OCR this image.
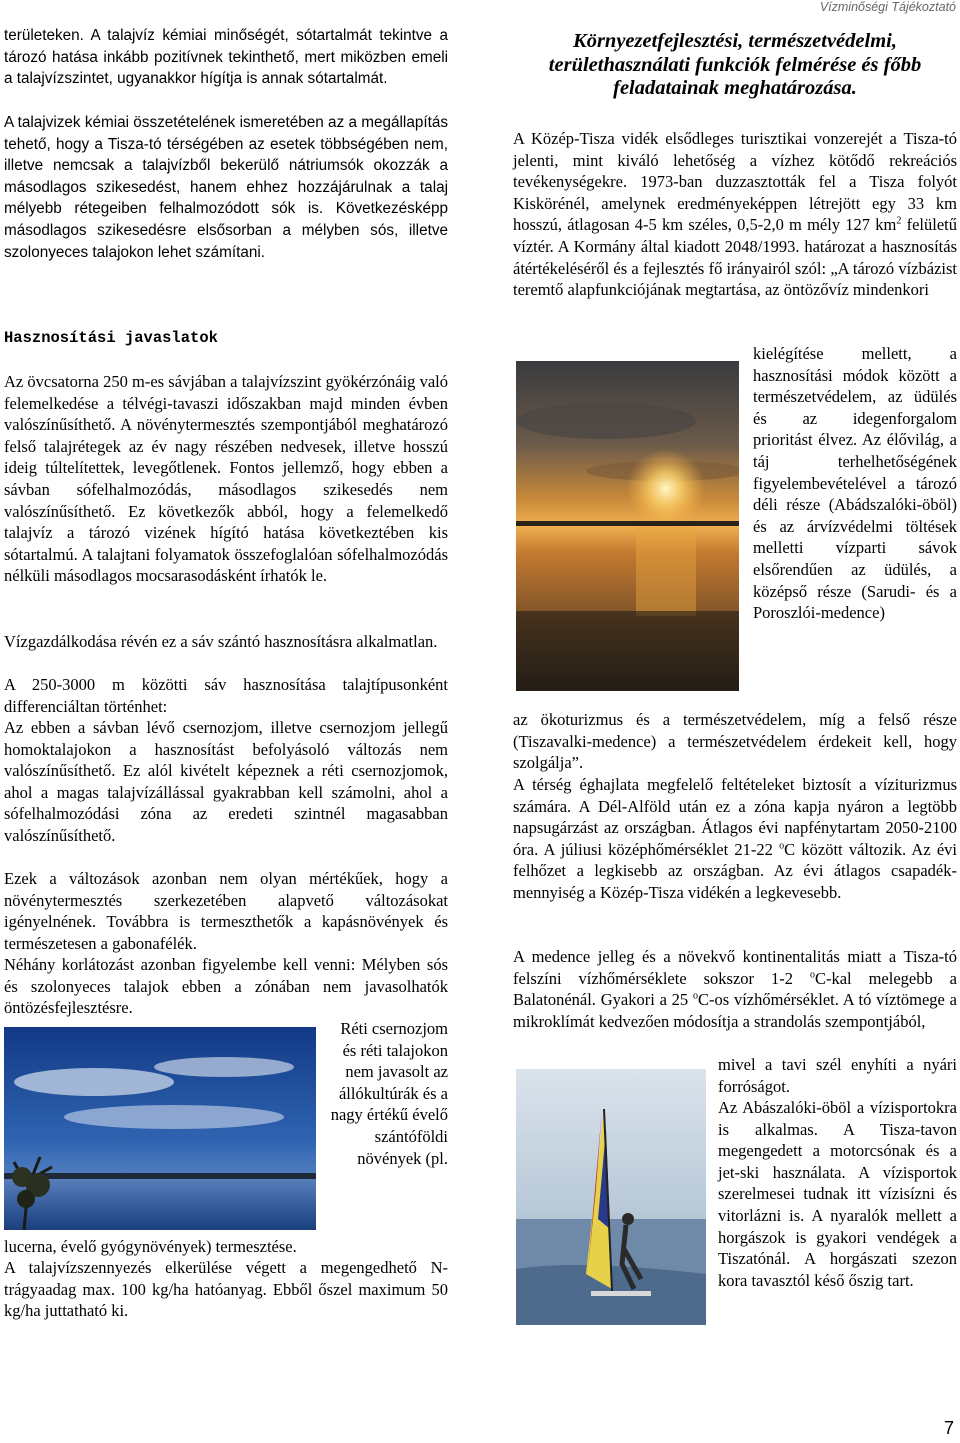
Vízminőségi Tájékoztató

területeken. A talajvíz kémiai minőségét, sótartalmát tekintve a tározó hatása inkább pozitívnek tekinthető, mert miközben emeli a talajvízszintet, ugyanakkor hígítja is annak sótartalmát.

A talajvizek kémiai összetételének ismeretében az a megállapítás tehető, hogy a Tisza-tó térségében az esetek többségében nem, illetve nemcsak a talajvízből bekerülő nátriumsók okozzák a másodlagos szikesedést, hanem ehhez hozzájárulnak a talaj mélyebb rétegeiben felhalmozódott sók is. Következésképp másodlagos szikesedésre elsősorban a mélyben sós, illetve szolonyeces talajokon lehet számítani.

Hasznosítási javaslatok

Az övcsatorna 250 m-es sávjában a talajvízszint gyökérzónáig való felemelkedése a télvégi-tavaszi időszakban majd minden évben valószínűsíthető. A növénytermesztés szempontjából meghatározó felső talajrétegek az év nagy részében nedvesek, illetve hosszú ideig túltelítettek, levegőtlenek. Fontos jellemző, hogy ebben a sávban sófelhalmozódás, másodlagos szikesedés nem valószínűsíthető. Ez következők abból, hogy a felemelkedő talajvíz a tározó vizének hígító hatása következtében kis sótartalmú. A talajtani folyamatok összefoglalóan sófelhalmozódás nélküli másodlagos mocsarasodásként írhatók le.

Vízgazdálkodása révén ez a sáv szántó hasznosításra alkalmatlan.

A 250-3000 m közötti sáv hasznosítása talajtípusonként differenciáltan történhet:

Az ebben a sávban lévő csernozjom, illetve csernozjom jellegű homoktalajokon a hasznosítást befolyásoló változás nem valószínűsíthető. Ez alól kivételt képeznek a réti csernozjomok, ahol a magas talajvízállással gyakrabban kell számolni, ahol a sófelhalmozódási zóna az eredeti szintnél magasabban valószínűsíthető.

Ezek a változások azonban nem olyan mértékűek, hogy a növénytermesztés szerkezetében alapvető változásokat igényelnének. Továbbra is termeszthetők a kapásnövények és természetesen a gabonafélék.

Néhány korlátozást azonban figyelembe kell venni: Mélyben sós és szolonyeces talajok ebben a zónában nem javasolhatók öntözésfejlesztésre.

Réti csernozjom és réti talajokon nem javasolt az állókultúrák és a nagy értékű évelő szántóföldi növények (pl.

lucerna, évelő gyógynövények) termesztése.

A talajvízszennyezés elkerülése végett a megengedhető N-trágyaadag max. 100 kg/ha hatóanyag. Ebből őszel maximum 50 kg/ha juttatható ki.

Környezetfejlesztési, természetvédelmi, területhasználati funkciók felmérése és főbb feladatainak meghatározása.

A Közép-Tisza vidék elsődleges turisztikai vonzerejét a Tisza-tó jelenti, mint kiváló lehetőség a vízhez kötődő rekreációs tevékenységekre. 1973-ban duzzasztották fel a Tisza folyót Kiskörénél, amelynek eredményeképpen létrejött egy 33 km hosszú, átlagosan 4-5 km széles, 0,5-2,0 m mély 127 $km^2$ felületű víztér. A Kormány által kiadott 2048/1993. határozat a hasznosítás átértékeléséről és a fejlesztés fő irányairól szól: „A tározó vízbázist teremtő alapfunkciójának megtartása, az öntözővíz mindenkori

kielégítése mellett, a hasznosítási módok között a természetvédelem, az üdülés és az idegenforgalom prioritást élvez. Az élővilág, a táj terhelhetőségének figyelembevételével a tározó déli része (Abádszalóki-öböl) és az árvízvédelmi töltések melletti vízparti sávok elsőrendűen az üdülés, a középső része (Sarudi- és a Poroszlói-medence)

az ökoturizmus és a természetvédelem, míg a felső része (Tiszavalki-medence) a természetvédelem érdekeit kell, hogy szolgálja”.

A térség éghajlata megfelelő feltételeket biztosít a víziturizmus számára. A Dél-Alföld után ez a zóna kapja nyáron a legtöbb napsugárzást az országban. Átlagos évi napfénytartam 2050-2100 óra. A júliusi középhőmérséklet 21-22 $^o$C között változik. Az évi felhőzet a legkisebb az országban. Az évi átlagos csapadék-mennyiség a Közép-Tisza vidékén a legkevesebb.

A medence jelleg és a növekvő kontinentalitás miatt a Tisza-tó felszíni vízhőmérséklete sokszor 1-2 $^o$C-kal melegebb a Balatonénál. Gyakori a 25 $^o$C-os vízhőmérséklet. A tó víztömege a mikroklímát kedvezően módosítja a strandolás szempontjából,

mivel a tavi szél enyhíti a nyári forróságot.

Az Abászalóki-öböl a vízisportokra is alkalmas. A Tisza-tavon megengedett a motorcsónak és a jet-ski használata. A vízisportok szerelmesei tudnak itt vízisízni és vitorlázni is. A nyaralók mellett a horgászok is gyakori vendégek a Tiszatónál. A horgászati szezon kora tavasztól késő őszig tart.

7
